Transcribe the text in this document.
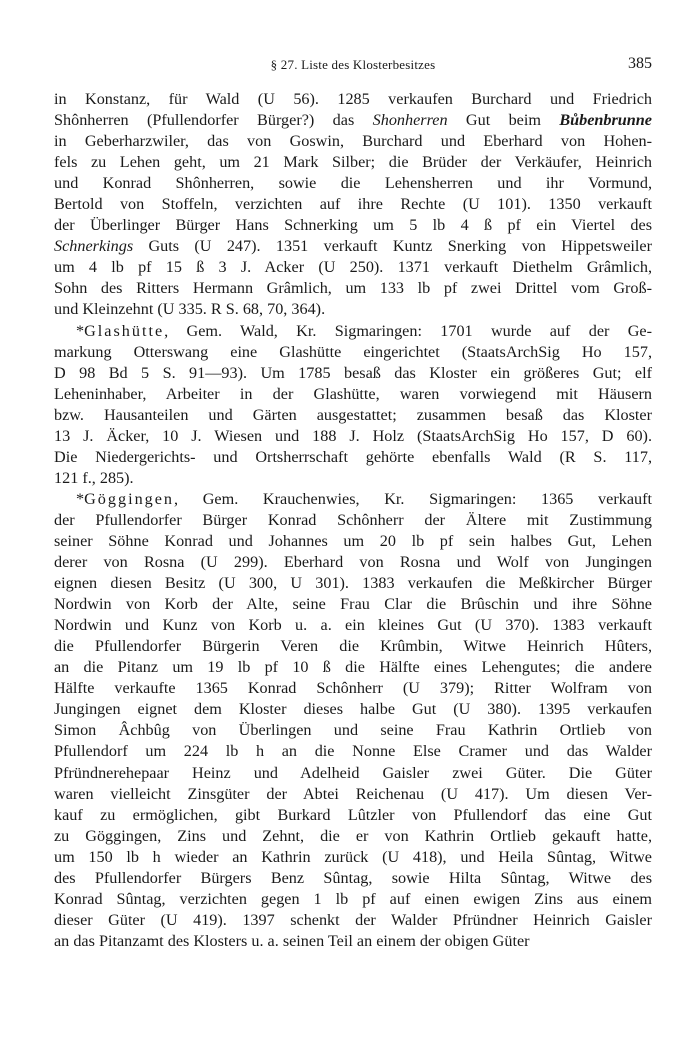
§ 27. Liste des Klosterbesitzes	385
in Konstanz, für Wald (U 56). 1285 verkaufen Burchard und Friedrich
Shônherren (Pfullendorfer Bürger?) das Shonherren Gut beim Bůbenbrunne
in Geberharzwiler, das von Goswin, Burchard und Eberhard von Hohen-
fels zu Lehen geht, um 21 Mark Silber; die Brüder der Verkäufer, Heinrich
und Konrad Shônherren, sowie die Lehensherren und ihr Vormund,
Bertold von Stoffeln, verzichten auf ihre Rechte (U 101). 1350 verkauft
der Überlinger Bürger Hans Schnerking um 5 lb 4 ß pf ein Viertel des
Schnerkings Guts (U 247). 1351 verkauft Kuntz Snerking von Hippetsweiler
um 4 lb pf 15 ß 3 J. Acker (U 250). 1371 verkauft Diethelm Grâmlich,
Sohn des Ritters Hermann Grâmlich, um 133 lb pf zwei Drittel vom Groß-
und Kleinzehnt (U 335. R S. 68, 70, 364).
*Glashütte, Gem. Wald, Kr. Sigmaringen: 1701 wurde auf der Ge-
markung Otterswang eine Glashütte eingerichtet (StaatsArchSig Ho 157,
D 98 Bd 5 S. 91—93). Um 1785 besaß das Kloster ein größeres Gut; elf
Leheninhaber, Arbeiter in der Glashütte, waren vorwiegend mit Häusern
bzw. Hausanteilen und Gärten ausgestattet; zusammen besaß das Kloster
13 J. Äcker, 10 J. Wiesen und 188 J. Holz (StaatsArchSig Ho 157, D 60).
Die Niedergerichts- und Ortsherrschaft gehörte ebenfalls Wald (R S. 117,
121 f., 285).
*Göggingen, Gem. Krauchenwies, Kr. Sigmaringen: 1365 verkauft
der Pfullendorfer Bürger Konrad Schônherr der Ältere mit Zustimmung
seiner Söhne Konrad und Johannes um 20 lb pf sein halbes Gut, Lehen
derer von Rosna (U 299). Eberhard von Rosna und Wolf von Jungingen
eignen diesen Besitz (U 300, U 301). 1383 verkaufen die Meßkircher Bürger
Nordwin von Korb der Alte, seine Frau Clar die Brûschin und ihre Söhne
Nordwin und Kunz von Korb u. a. ein kleines Gut (U 370). 1383 verkauft
die Pfullendorfer Bürgerin Veren die Krûmbin, Witwe Heinrich Hûters,
an die Pitanz um 19 lb pf 10 ß die Hälfte eines Lehengutes; die andere
Hälfte verkaufte 1365 Konrad Schônherr (U 379); Ritter Wolfram von
Jungingen eignet dem Kloster dieses halbe Gut (U 380). 1395 verkaufen
Simon Âchbûg von Überlingen und seine Frau Kathrin Ortlieb von
Pfullendorf um 224 lb h an die Nonne Else Cramer und das Walder
Pfründnerehepaar Heinz und Adelheid Gaisler zwei Güter. Die Güter
waren vielleicht Zinsgüter der Abtei Reichenau (U 417). Um diesen Ver-
kauf zu ermöglichen, gibt Burkard Lûtzler von Pfullendorf das eine Gut
zu Göggingen, Zins und Zehnt, die er von Kathrin Ortlieb gekauft hatte,
um 150 lb h wieder an Kathrin zurück (U 418), und Heila Sûntag, Witwe
des Pfullendorfer Bürgers Benz Sûntag, sowie Hilta Sûntag, Witwe des
Konrad Sûntag, verzichten gegen 1 lb pf auf einen ewigen Zins aus einem
dieser Güter (U 419). 1397 schenkt der Walder Pfründner Heinrich Gaisler
an das Pitanzamt des Klosters u. a. seinen Teil an einem der obigen Güter
